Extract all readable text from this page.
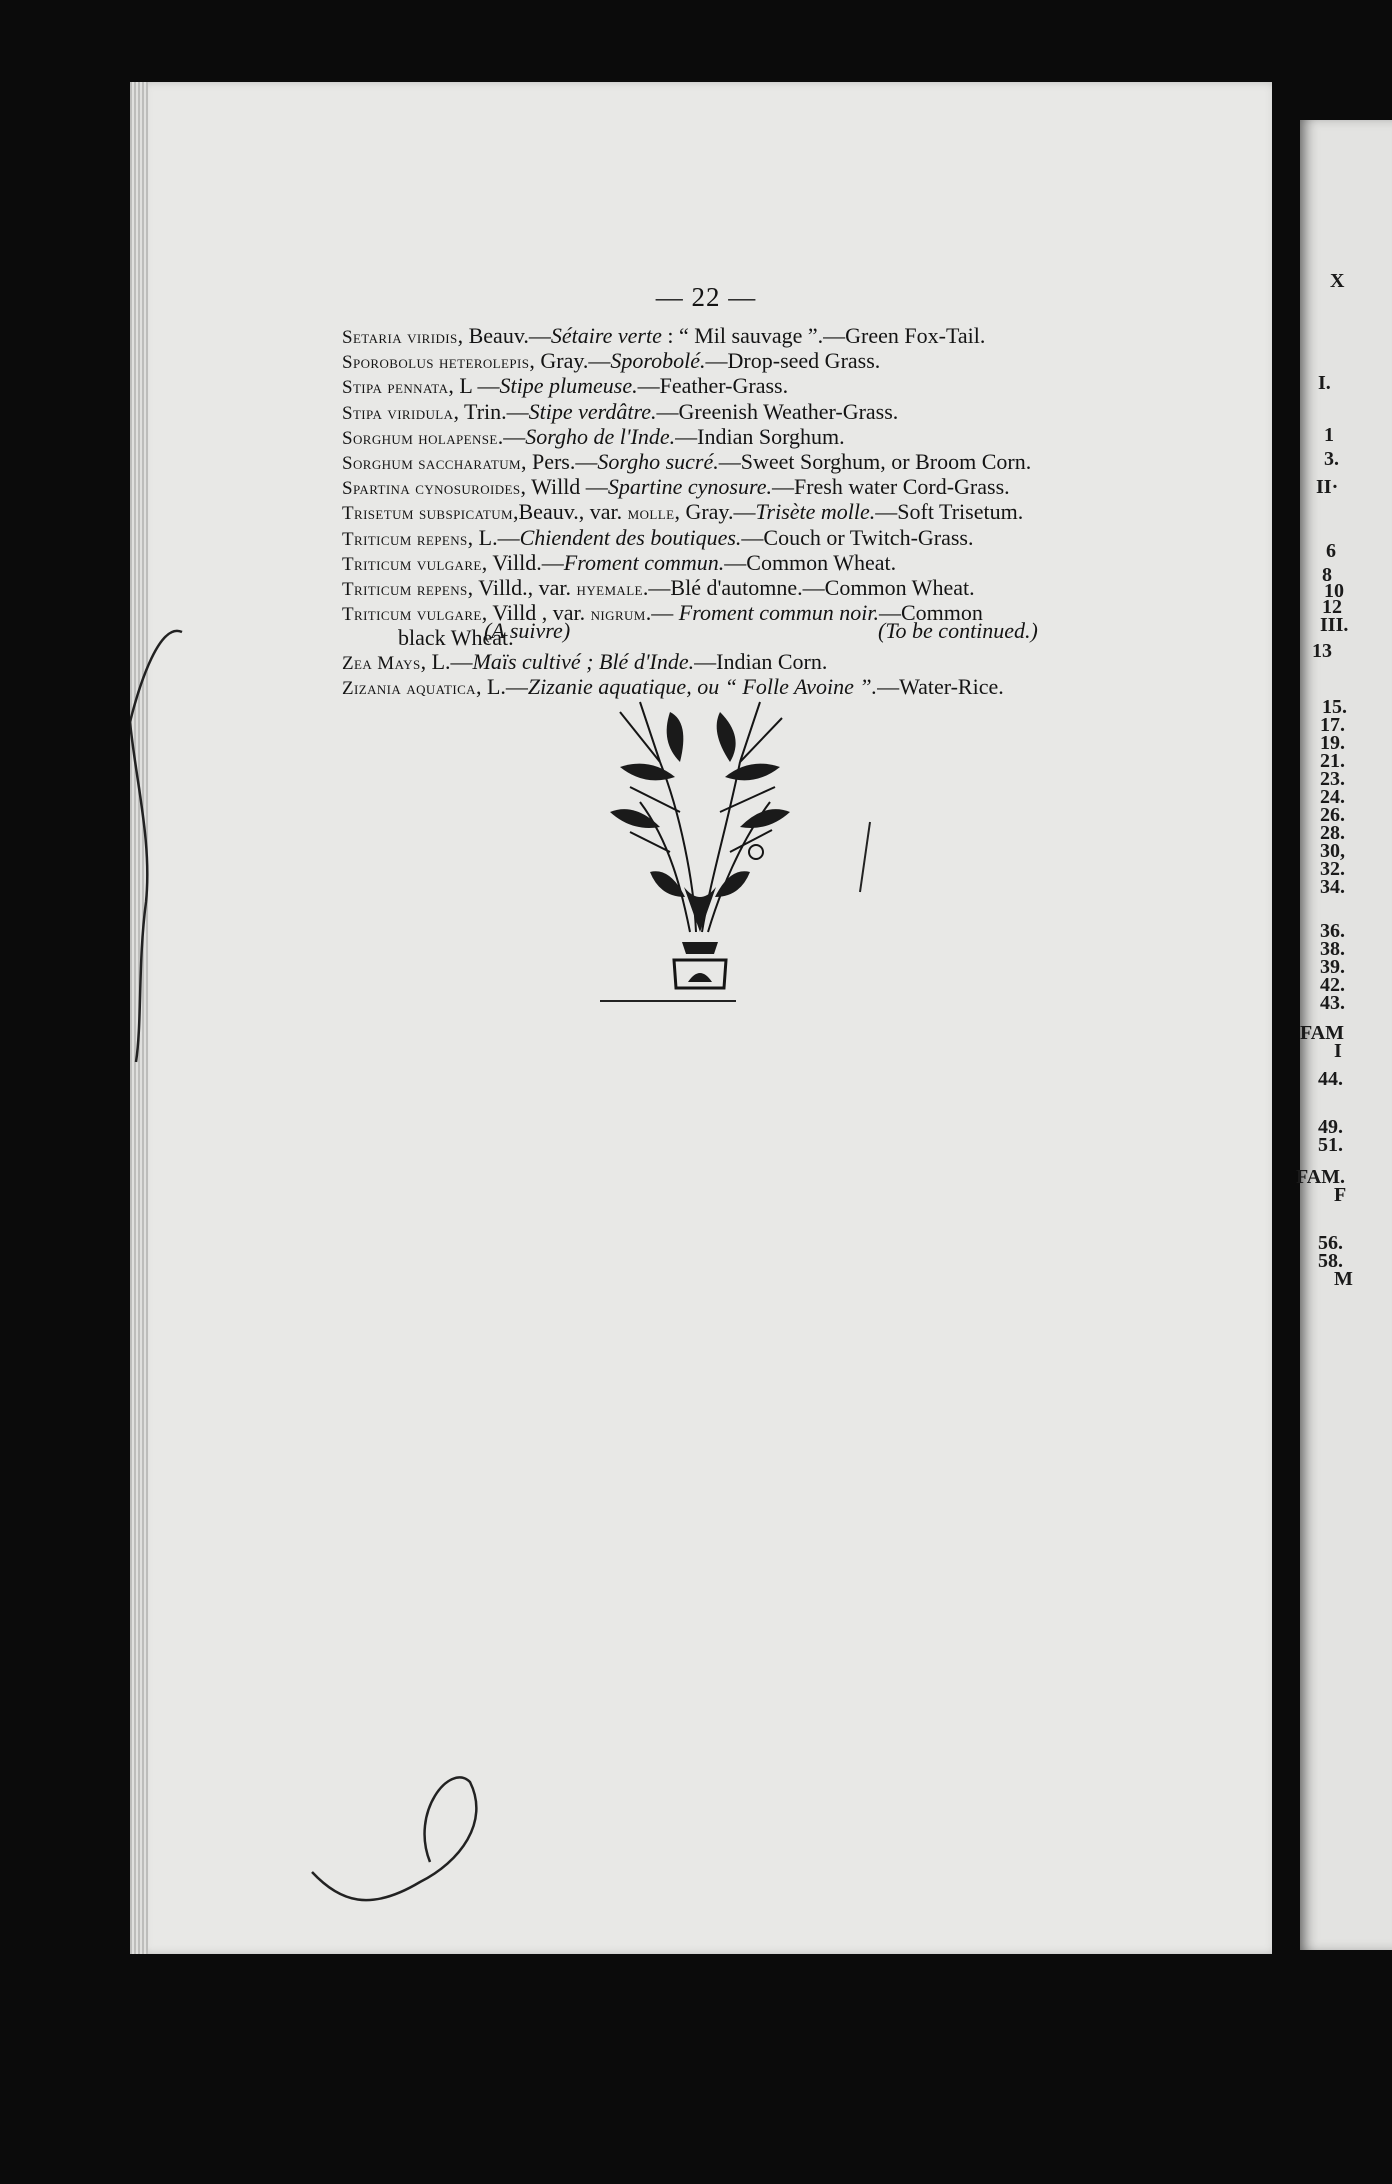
— 22 —
Setaria viridis, Beauv.—Sétaire verte : “ Mil sauvage ”.—Green Fox-Tail.
Sporobolus heterolepis, Gray.—Sporobolé.—Drop-seed Grass.
Stipa pennata, L —Stipe plumeuse.—Feather-Grass.
Stipa viridula, Trin.—Stipe verdâtre.—Greenish Weather-Grass.
Sorghum holapense.—Sorgho de l'Inde.—Indian Sorghum.
Sorghum saccharatum, Pers.—Sorgho sucré.—Sweet Sorghum, or Broom Corn.
Spartina cynosuroides, Willd —Spartine cynosure.—Fresh water Cord-Grass.
Trisetum subspicatum,Beauv., var. molle, Gray.—Trisète molle.—Soft Trisetum.
Triticum repens, L.—Chiendent des boutiques.—Couch or Twitch-Grass.
Triticum vulgare, Villd.—Froment commun.—Common Wheat.
Triticum repens, Villd., var. hyemale.—Blé d'automne.—Common Wheat.
Triticum vulgare, Villd , var. nigrum.— Froment commun noir.—Common
black Wheat.
Zea Mays, L.—Maïs cultivé ; Blé d'Inde.—Indian Corn.
Zizania aquatica, L.—Zizanie aquatique, ou “ Folle Avoine ”.—Water-Rice.
(A suivre)	(To be continued.)
X
I.
1
3.
II·
6
8
10
12
III.
13
15.
17.
19.
21.
23.
24.
26.
28.
30,
32.
34.
36.
38.
39.
42.
43.
FAM
I
44.
49.
51.
FAM.
F
56.
58.
M
